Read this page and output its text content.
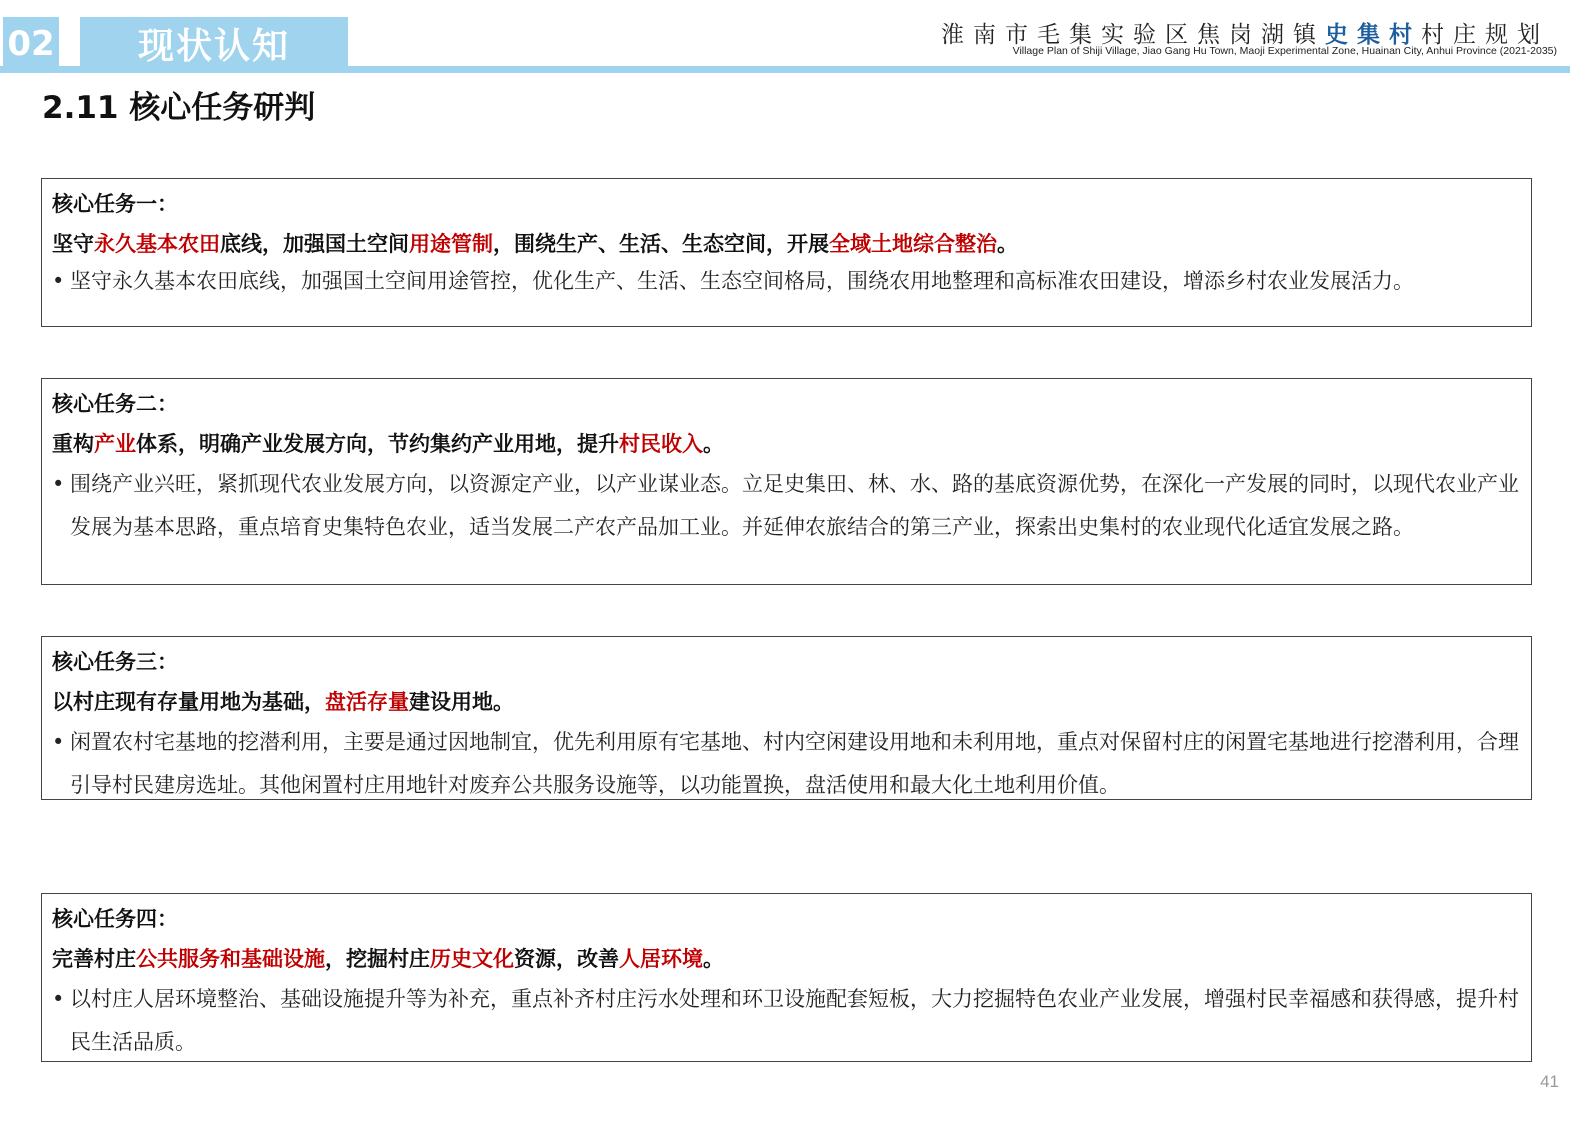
02	现状认知	淮南市毛集实验区焦岗湖镇史集村村庄规划
Village Plan of Shiji Village, Jiao Gang Hu Town, Maoji Experimental Zone, Huainan City, Anhui Province (2021-2035)
2.11 核心任务研判
核心任务一：
坚守永久基本农田底线，加强国土空间用途管制，围绕生产、生活、生态空间，开展全域土地综合整治。
• 坚守永久基本农田底线，加强国土空间用途管控，优化生产、生活、生态空间格局，围绕农用地整理和高标准农田建设，增添乡村农业发展活力。
核心任务二：
重构产业体系，明确产业发展方向，节约集约产业用地，提升村民收入。
• 围绕产业兴旺，紧抓现代农业发展方向，以资源定产业，以产业谋业态。立足史集田、林、水、路的基底资源优势，在深化一产发展的同时，以现代农业产业发展为基本思路，重点培育史集特色农业，适当发展二产农产品加工业。并延伸农旅结合的第三产业，探索出史集村的农业现代化适宜发展之路。
核心任务三：
以村庄现有存量用地为基础，盘活存量建设用地。
• 闲置农村宅基地的挖潜利用，主要是通过因地制宜，优先利用原有宅基地、村内空闲建设用地和未利用地，重点对保留村庄的闲置宅基地进行挖潜利用，合理引导村民建房选址。其他闲置村庄用地针对废弃公共服务设施等，以功能置换，盘活使用和最大化土地利用价值。
核心任务四：
完善村庄公共服务和基础设施，挖掘村庄历史文化资源，改善人居环境。
• 以村庄人居环境整治、基础设施提升等为补充，重点补齐村庄污水处理和环卫设施配套短板，大力挖掘特色农业产业发展，增强村民幸福感和获得感，提升村民生活品质。
41
